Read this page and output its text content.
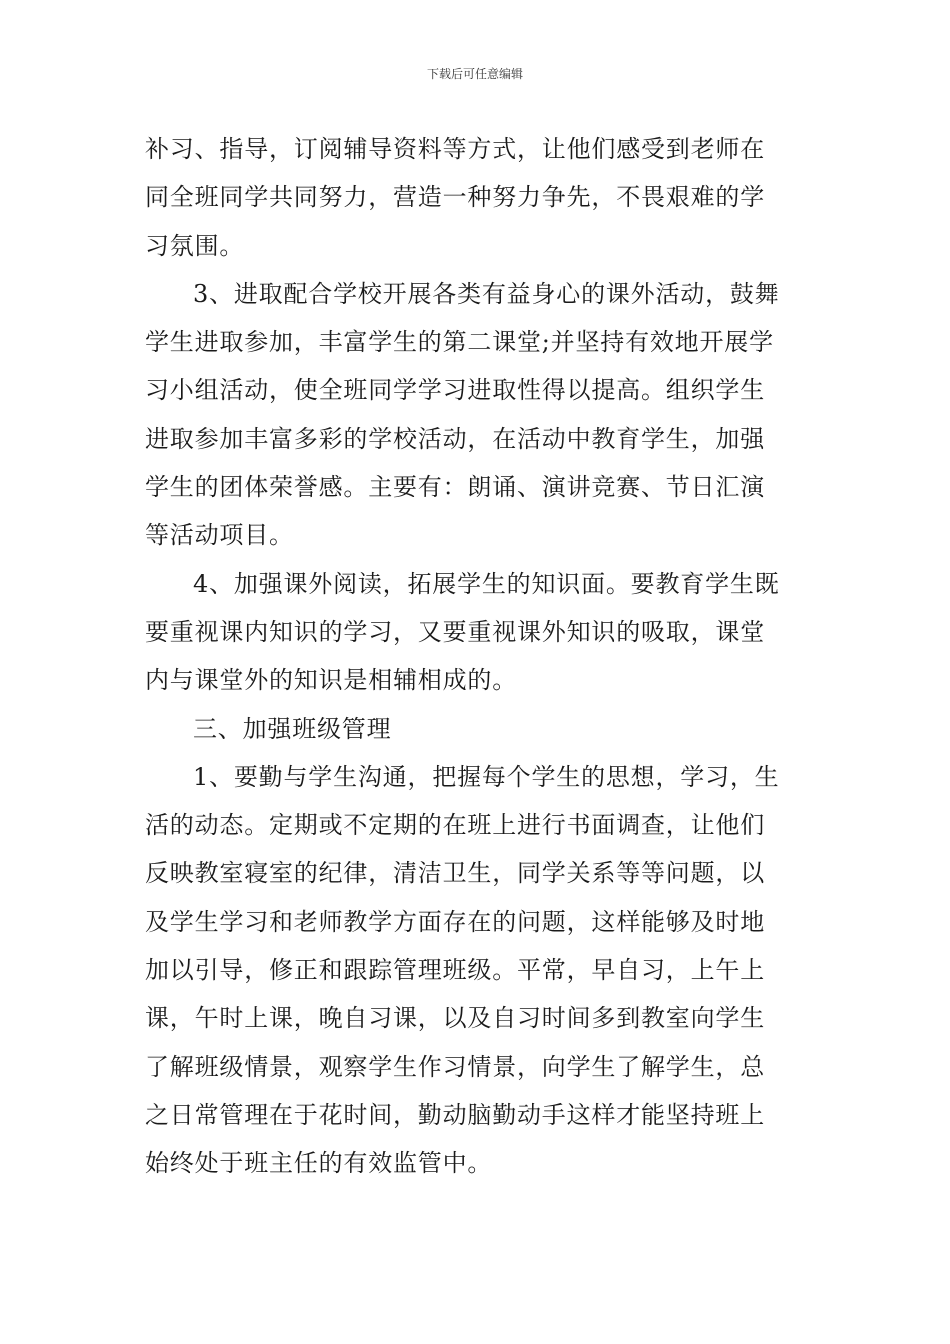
下载后可任意编辑
补习、指导，订阅辅导资料等方式，让他们感受到老师在
同全班同学共同努力，营造一种努力争先，不畏艰难的学
习氛围。
3、进取配合学校开展各类有益身心的课外活动，鼓舞
学生进取参加，丰富学生的第二课堂;并坚持有效地开展学
习小组活动，使全班同学学习进取性得以提高。组织学生
进取参加丰富多彩的学校活动，在活动中教育学生，加强
学生的团体荣誉感。主要有：朗诵、演讲竞赛、节日汇演
等活动项目。
4、加强课外阅读，拓展学生的知识面。要教育学生既
要重视课内知识的学习，又要重视课外知识的吸取，课堂
内与课堂外的知识是相辅相成的。
三、加强班级管理
1、要勤与学生沟通，把握每个学生的思想，学习，生
活的动态。定期或不定期的在班上进行书面调查，让他们
反映教室寝室的纪律，清洁卫生，同学关系等等问题，以
及学生学习和老师教学方面存在的问题，这样能够及时地
加以引导，修正和跟踪管理班级。平常，早自习，上午上
课，午时上课，晚自习课，以及自习时间多到教室向学生
了解班级情景，观察学生作习情景，向学生了解学生，总
之日常管理在于花时间，勤动脑勤动手这样才能坚持班上
始终处于班主任的有效监管中。
